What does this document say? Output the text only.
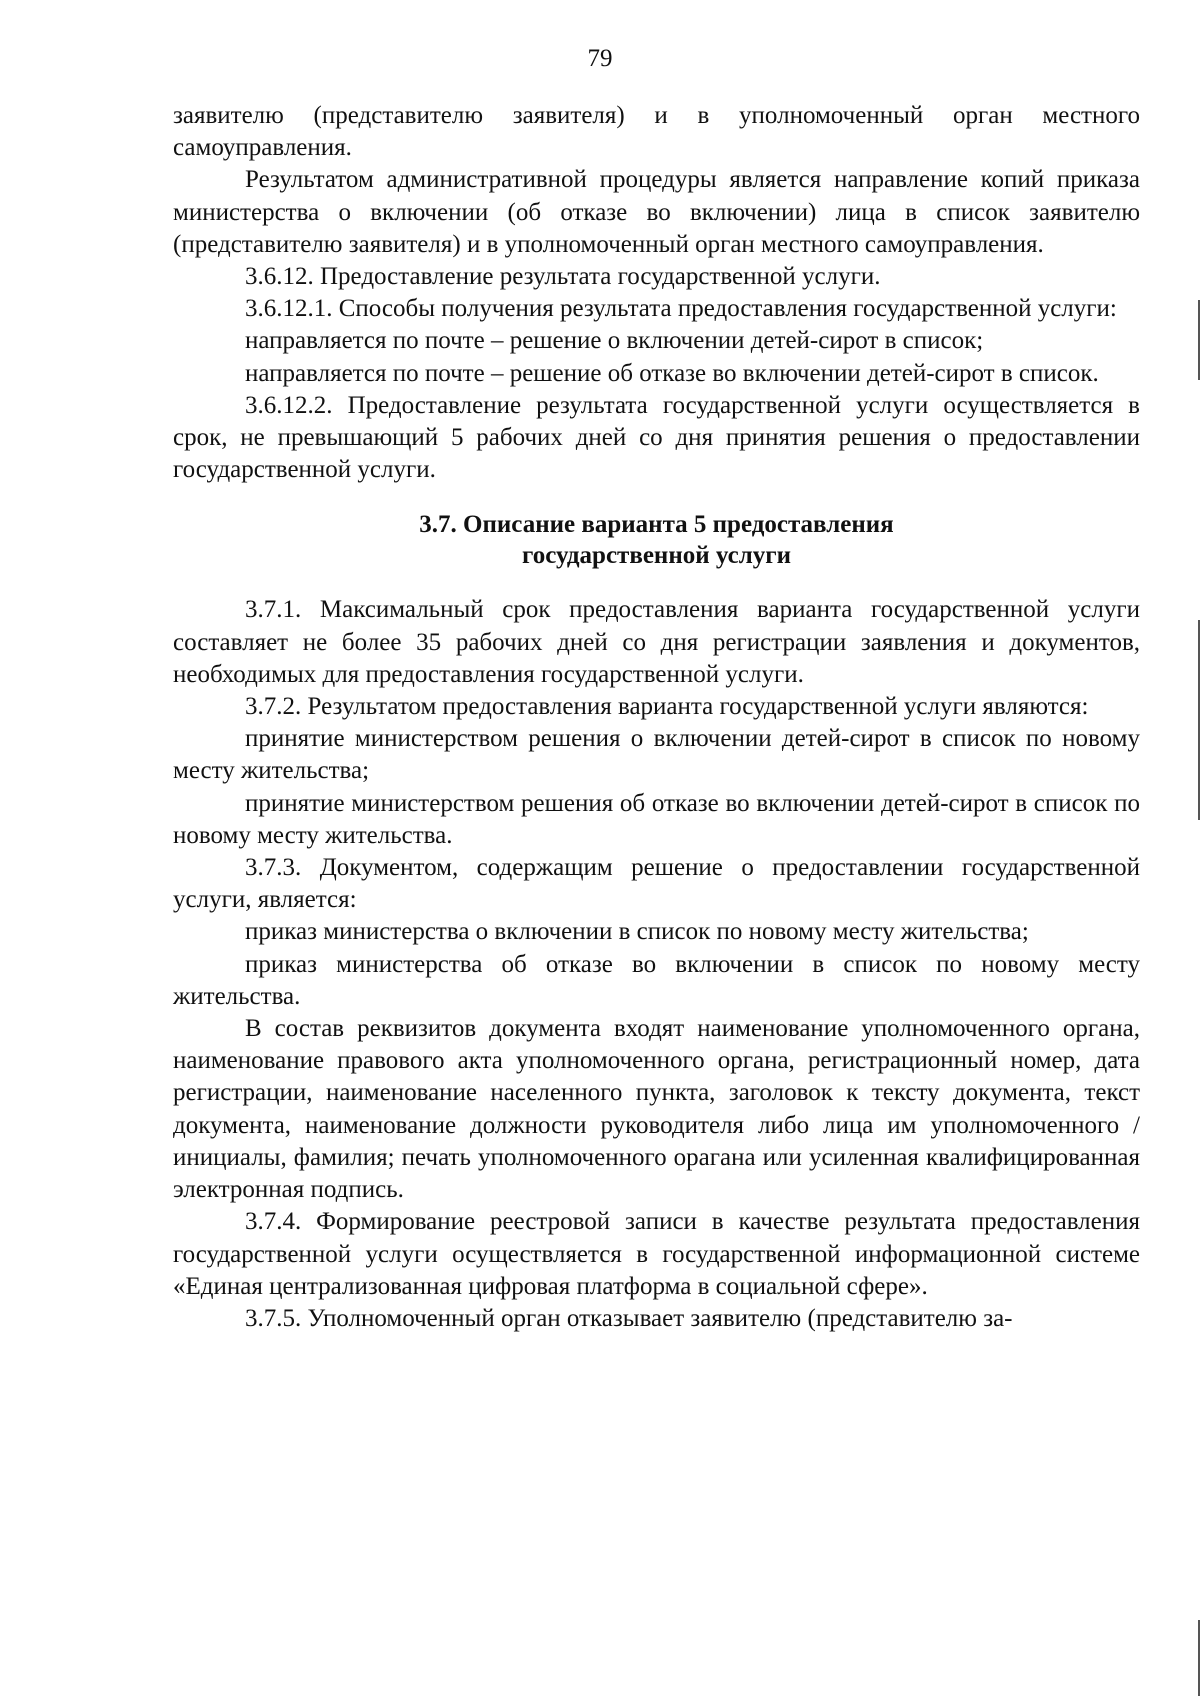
79

заявителю (представителю заявителя) и в уполномоченный орган местного самоуправления.

Результатом административной процедуры является направление копий приказа министерства о включении (об отказе во включении) лица в список заявителю (представителю заявителя) и в уполномоченный орган местного самоуправления.

3.6.12. Предоставление результата государственной услуги.

3.6.12.1. Способы получения результата предоставления государственной услуги:

направляется по почте – решение о включении детей-сирот в список;

направляется по почте – решение об отказе во включении детей-сирот в список.

3.6.12.2. Предоставление результата государственной услуги осуществляется в срок, не превышающий 5 рабочих дней со дня принятия решения о предоставлении государственной услуги.

3.7. Описание варианта 5 предоставления
государственной услуги

3.7.1. Максимальный срок предоставления варианта государственной услуги составляет не более 35 рабочих дней со дня регистрации заявления и документов, необходимых для предоставления государственной услуги.

3.7.2. Результатом предоставления варианта государственной услуги являются:

принятие министерством решения о включении детей-сирот в список по новому месту жительства;

принятие министерством решения об отказе во включении детей-сирот в список по новому месту жительства.

3.7.3. Документом, содержащим решение о предоставлении государственной услуги, является:

приказ министерства о включении в список по новому месту жительства;

приказ министерства об отказе во включении в список по новому месту жительства.

В состав реквизитов документа входят наименование уполномоченного органа, наименование правового акта уполномоченного органа, регистрационный номер, дата регистрации, наименование населенного пункта, заголовок к тексту документа, текст документа, наименование должности руководителя либо лица им уполномоченного / инициалы, фамилия; печать уполномоченного орагана или усиленная квалифицированная электронная подпись.

3.7.4. Формирование реестровой записи в качестве результата предоставления государственной услуги осуществляется в государственной информационной системе «Единая централизованная цифровая платформа в социальной сфере».

3.7.5. Уполномоченный орган отказывает заявителю (представителю за-
